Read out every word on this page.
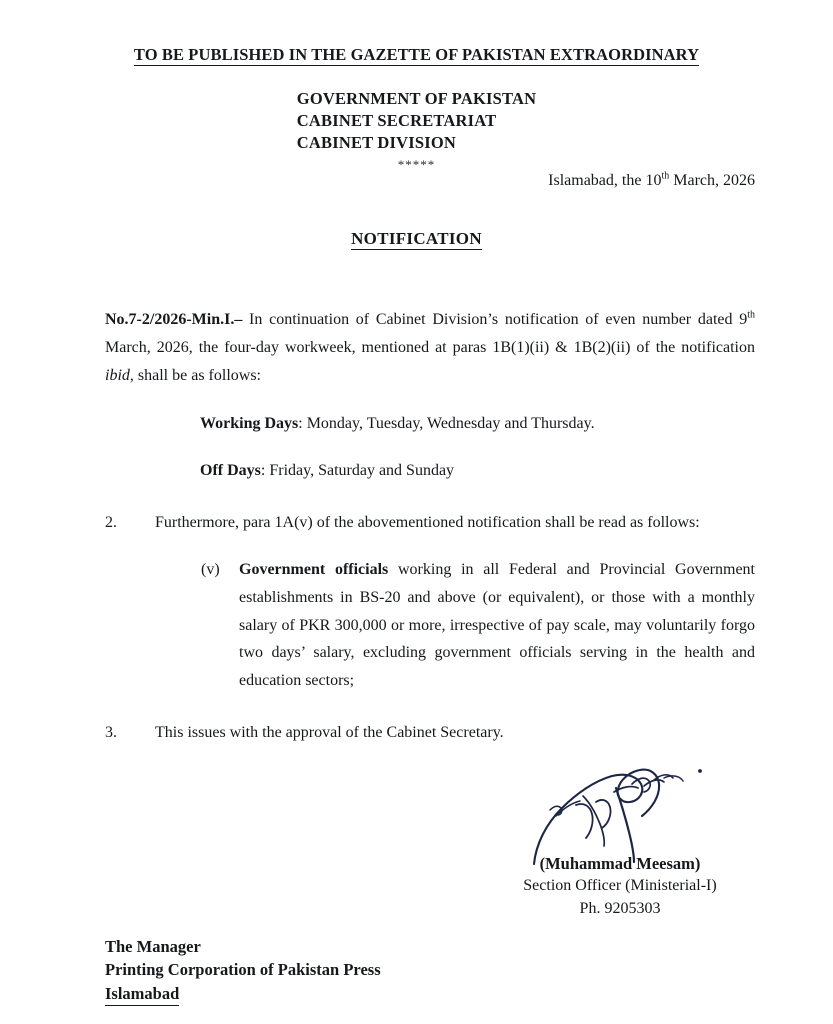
TO BE PUBLISHED IN THE GAZETTE OF PAKISTAN EXTRAORDINARY
GOVERNMENT OF PAKISTAN
CABINET SECRETARIAT
CABINET DIVISION
*****
Islamabad, the 10th March, 2026
NOTIFICATION
No.7-2/2026-Min.I.– In continuation of Cabinet Division’s notification of even number dated 9th March, 2026, the four-day workweek, mentioned at paras 1B(1)(ii) & 1B(2)(ii) of the notification ibid, shall be as follows:
Working Days: Monday, Tuesday, Wednesday and Thursday.
Off Days: Friday, Saturday and Sunday
2.	Furthermore, para 1A(v) of the abovementioned notification shall be read as follows:
(v)	Government officials working in all Federal and Provincial Government establishments in BS-20 and above (or equivalent), or those with a monthly salary of PKR 300,000 or more, irrespective of pay scale, may voluntarily forgo two days’ salary, excluding government officials serving in the health and education sectors;
3.	This issues with the approval of the Cabinet Secretary.
(Muhammad Meesam)
Section Officer (Ministerial-I)
Ph. 9205303
The Manager
Printing Corporation of Pakistan Press
Islamabad
